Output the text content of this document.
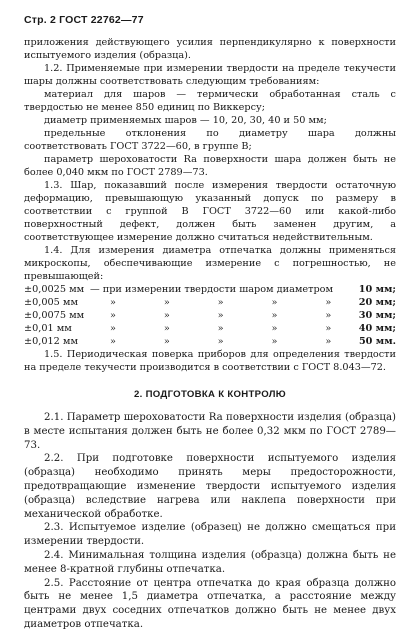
Стр. 2 ГОСТ 22762—77

приложения действующего усилия перпендикулярно к поверхности испытуемого изделия (образца).

1.2. Применяемые при измерении твердости на пределе текучести шары должны соответствовать следующим требованиям:

материал для шаров — термически обработанная сталь с твердостью не менее 850 единиц по Виккерсу;

диаметр применяемых шаров — 10, 20, 30, 40 и 50 мм;

предельные отклонения по диаметру шара должны соответствовать ГОСТ 3722—60, в группе В;

параметр шероховатости Ra поверхности шара должен быть не более 0,040 мкм по ГОСТ 2789—73.

1.3. Шар, показавший после измерения твердости остаточную деформацию, превышающую указанный допуск по размеру в соответствии с группой В ГОСТ 3722—60 или какой-либо поверхностный дефект, должен быть заменен другим, а соответствующее измерение должно считаться недействительным.

1.4. Для измерения диаметра отпечатка должны применяться микроскопы, обеспечивающие измерение с погрешностью, не превышающей:

±0,0025 мм	— при измерении твердости шаром диаметром					10 мм;
±0,005 мм	»	»	»	»	»	20 мм;
±0,0075 мм	»	»	»	»	»	30 мм;
±0,01 мм	»	»	»	»	»	40 мм;
±0,012 мм	»	»	»	»	»	50 мм.

1.5. Периодическая поверка приборов для определения твердости на пределе текучести производится в соответствии с ГОСТ 8.043—72.

2. ПОДГОТОВКА К КОНТРОЛЮ

2.1. Параметр шероховатости Ra поверхности изделия (образца) в месте испытания должен быть не более 0,32 мкм по ГОСТ 2789—73.

2.2. При подготовке поверхности испытуемого изделия (образца) необходимо принять меры предосторожности, предотвращающие изменение твердости испытуемого изделия (образца) вследствие нагрева или наклепа поверхности при механической обработке.

2.3. Испытуемое изделие (образец) не должно смещаться при измерении твердости.

2.4. Минимальная толщина изделия (образца) должна быть не менее 8-кратной глубины отпечатка.

2.5. Расстояние от центра отпечатка до края образца должно быть не менее 1,5 диаметра отпечатка, а расстояние между центрами двух соседних отпечатков должно быть не менее двух диаметров отпечатка.
